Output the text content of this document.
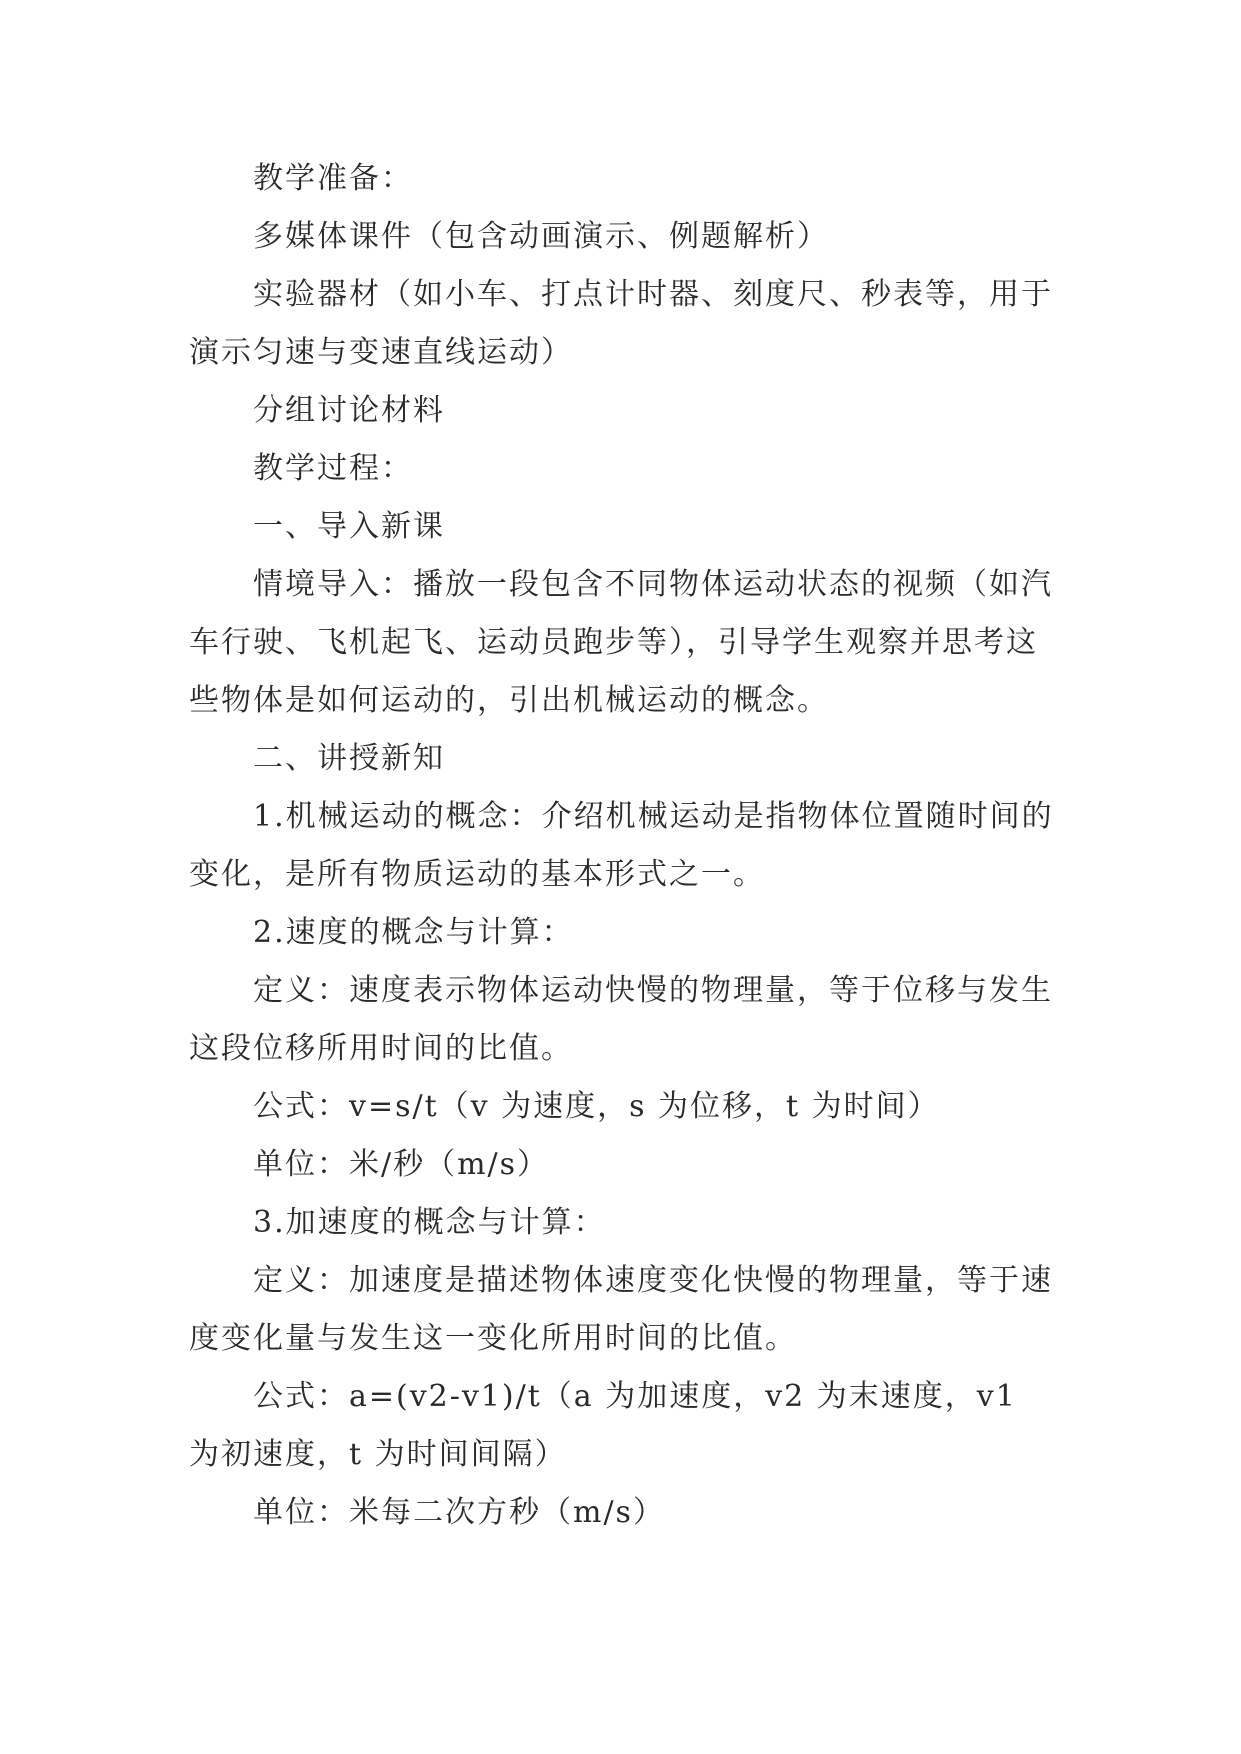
教学准备：

多媒体课件（包含动画演示、例题解析）

实验器材（如小车、打点计时器、刻度尺、秒表等，用于演示匀速与变速直线运动）

分组讨论材料

教学过程：

一、导入新课

情境导入：播放一段包含不同物体运动状态的视频（如汽车行驶、飞机起飞、运动员跑步等），引导学生观察并思考这些物体是如何运动的，引出机械运动的概念。

二、讲授新知

1.机械运动的概念：介绍机械运动是指物体位置随时间的变化，是所有物质运动的基本形式之一。

2.速度的概念与计算：

定义：速度表示物体运动快慢的物理量，等于位移与发生这段位移所用时间的比值。

公式：v=s/t（v 为速度，s 为位移，t 为时间）

单位：米/秒（m/s）

3.加速度的概念与计算：

定义：加速度是描述物体速度变化快慢的物理量，等于速度变化量与发生这一变化所用时间的比值。

公式：a=(v2-v1)/t（a 为加速度，v2 为末速度，v1 为初速度，t 为时间间隔）

单位：米每二次方秒（m/s）
